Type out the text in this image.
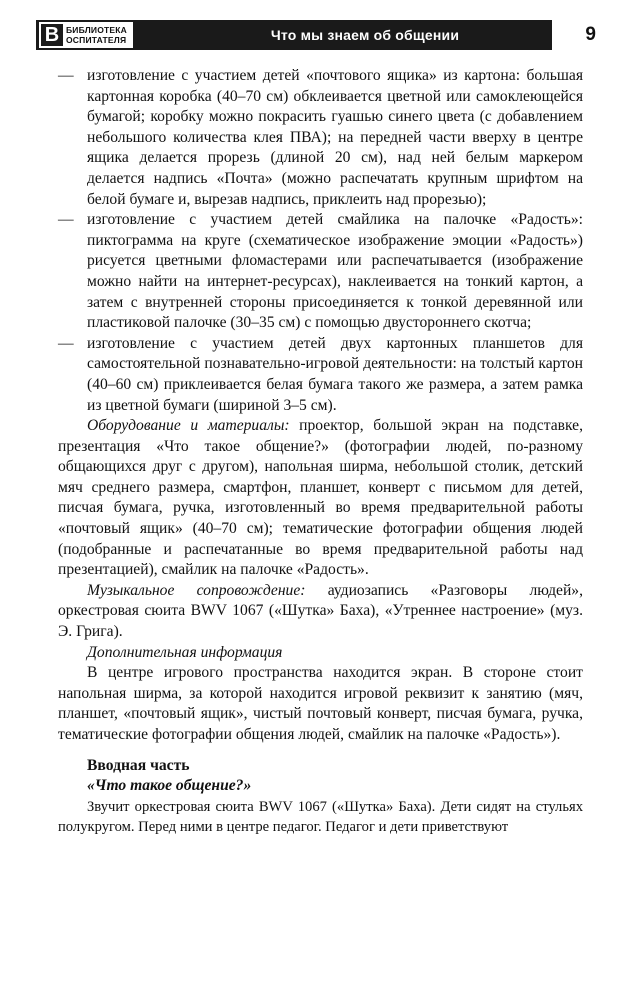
B БИБЛИОТЕКА
ОСПИТАТЕЛЯ	Что мы знаем об общении	9

— изготовление с участием детей «почтового ящика» из картона: большая картонная коробка (40–70 см) обклеивается цветной или самоклеющейся бумагой; коробку можно покрасить гуашью синего цвета (с добавлением небольшого количества клея ПВА); на передней части вверху в центре ящика делается прорезь (длиной 20 см), над ней белым маркером делается надпись «Почта» (можно распечатать крупным шрифтом на белой бумаге и, вырезав надпись, приклеить над прорезью);

— изготовление с участием детей смайлика на палочке «Радость»: пиктограмма на круге (схематическое изображение эмоции «Радость») рисуется цветными фломастерами или распечатывается (изображение можно найти на интернет-ресурсах), наклеивается на тонкий картон, а затем с внутренней стороны присоединяется к тонкой деревянной или пластиковой палочке (30–35 см) с помощью двустороннего скотча;

— изготовление с участием детей двух картонных планшетов для самостоятельной познавательно-игровой деятельности: на толстый картон (40–60 см) приклеивается белая бумага такого же размера, а затем рамка из цветной бумаги (шириной 3–5 см).

Оборудование и материалы: проектор, большой экран на подставке, презентация «Что такое общение?» (фотографии людей, по-разному общающихся друг с другом), напольная ширма, небольшой столик, детский мяч среднего размера, смартфон, планшет, конверт с письмом для детей, писчая бумага, ручка, изготовленный во время предварительной работы «почтовый ящик» (40–70 см); тематические фотографии общения людей (подобранные и распечатанные во время предварительной работы над презентацией), смайлик на палочке «Радость».

Музыкальное сопровождение: аудиозапись «Разговоры людей», оркестровая сюита BWV 1067 («Шутка» Баха), «Утреннее настроение» (муз. Э. Грига).

Дополнительная информация

В центре игрового пространства находится экран. В стороне стоит напольная ширма, за которой находится игровой реквизит к занятию (мяч, планшет, «почтовый ящик», чистый почтовый конверт, писчая бумага, ручка, тематические фотографии общения людей, смайлик на палочке «Радость»).

Вводная часть

«Что такое общение?»

Звучит оркестровая сюита BWV 1067 («Шутка» Баха). Дети сидят на стульях полукругом. Перед ними в центре педагог. Педагог и дети приветствуют
